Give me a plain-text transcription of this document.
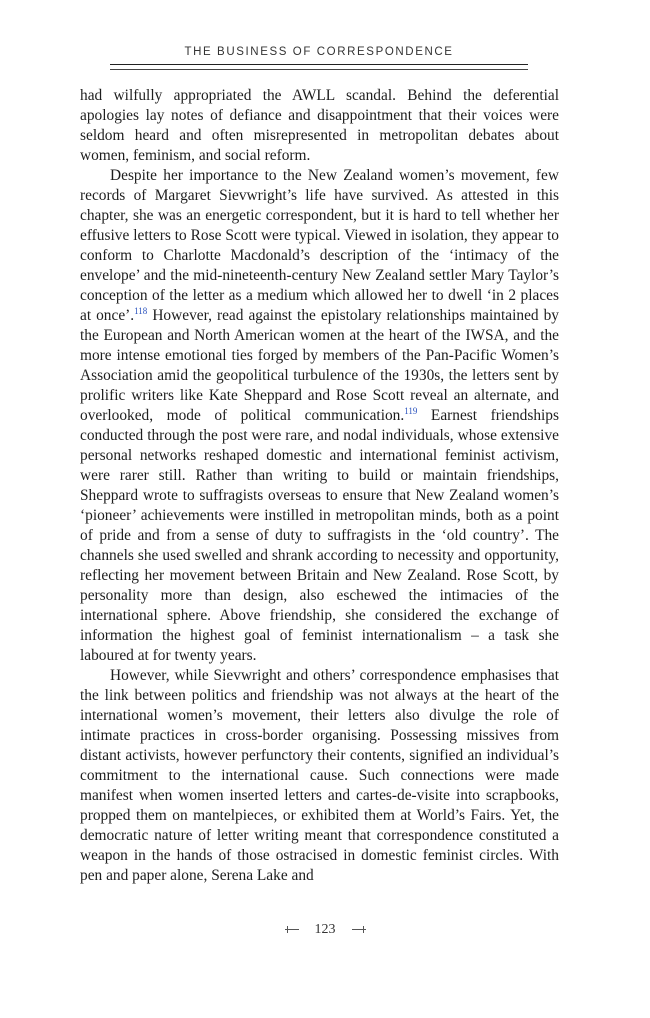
THE BUSINESS OF CORRESPONDENCE

had wilfully appropriated the AWLL scandal. Behind the deferential apologies lay notes of defiance and disappointment that their voices were seldom heard and often misrepresented in metropolitan debates about women, feminism, and social reform.

Despite her importance to the New Zealand women’s movement, few records of Margaret Sievwright’s life have survived. As attested in this chapter, she was an energetic correspondent, but it is hard to tell whether her effusive letters to Rose Scott were typical. Viewed in isolation, they appear to conform to Charlotte Macdonald’s description of the ‘intimacy of the envelope’ and the mid-nineteenth-century New Zealand settler Mary Taylor’s conception of the letter as a medium which allowed her to dwell ‘in 2 places at once’.$^{118}$ However, read against the epistolary relationships maintained by the European and North American women at the heart of the IWSA, and the more intense emotional ties forged by members of the Pan-Pacific Women’s Association amid the geopolitical turbulence of the 1930s, the letters sent by prolific writers like Kate Sheppard and Rose Scott reveal an alternate, and overlooked, mode of political communication.$^{119}$ Earnest friendships conducted through the post were rare, and nodal individuals, whose extensive personal networks reshaped domestic and international feminist activism, were rarer still. Rather than writing to build or maintain friendships, Sheppard wrote to suffragists overseas to ensure that New Zealand women’s ‘pioneer’ achievements were instilled in metropolitan minds, both as a point of pride and from a sense of duty to suffragists in the ‘old country’. The channels she used swelled and shrank according to necessity and opportunity, reflecting her movement between Britain and New Zealand. Rose Scott, by personality more than design, also eschewed the intimacies of the international sphere. Above friendship, she considered the exchange of information the highest goal of feminist internationalism – a task she laboured at for twenty years.

However, while Sievwright and others’ correspondence emphasises that the link between politics and friendship was not always at the heart of the international women’s movement, their letters also divulge the role of intimate practices in cross-border organising. Possessing missives from distant activists, however perfunctory their contents, signified an individual’s commitment to the international cause. Such connections were made manifest when women inserted letters and cartes-de-visite into scrapbooks, propped them on mantelpieces, or exhibited them at World’s Fairs. Yet, the democratic nature of letter writing meant that correspondence constituted a weapon in the hands of those ostracised in domestic feminist circles. With pen and paper alone, Serena Lake and

123
